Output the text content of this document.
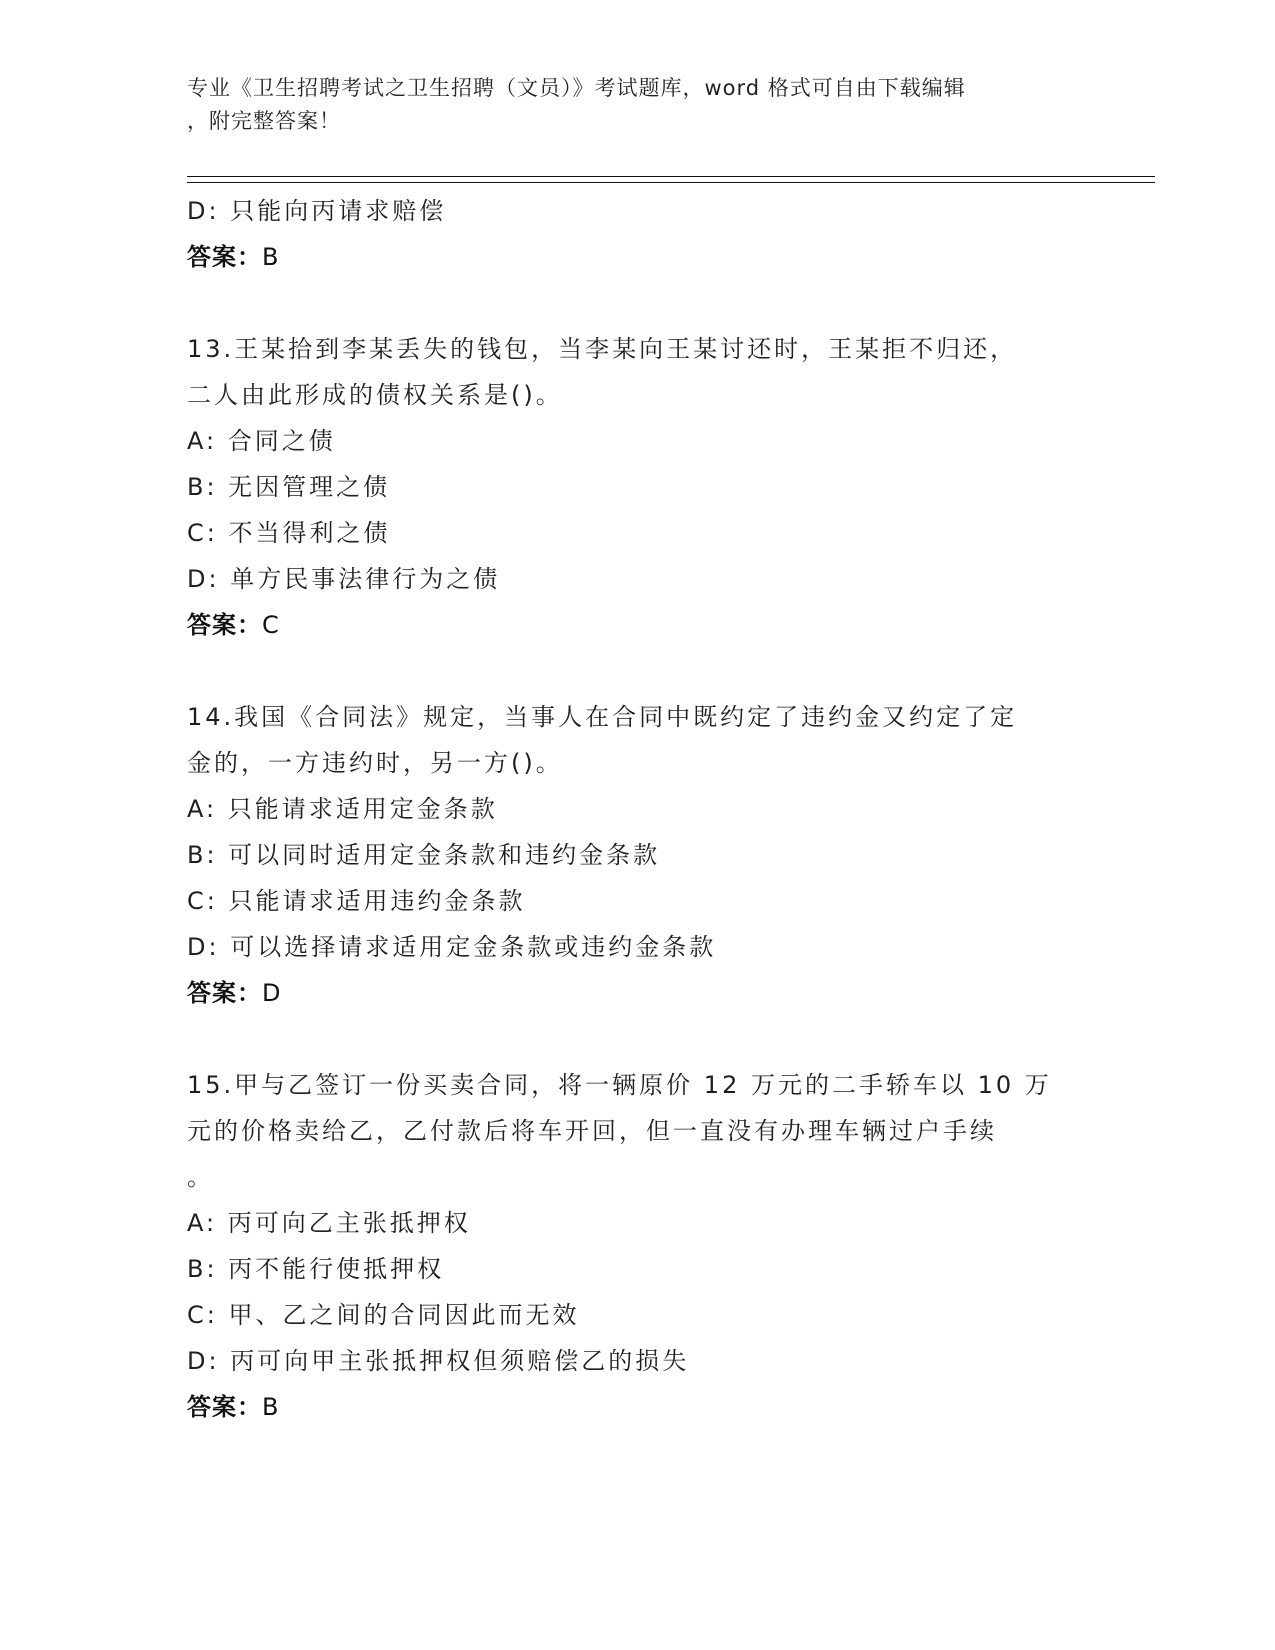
专业《卫生招聘考试之卫生招聘（文员）》考试题库，word 格式可自由下载编辑
，附完整答案！
D: 只能向丙请求赔偿
答案：B
13.王某拾到李某丢失的钱包，当李某向王某讨还时，王某拒不归还，
二人由此形成的债权关系是()。
A: 合同之债
B: 无因管理之债
C: 不当得利之债
D: 单方民事法律行为之债
答案：C
14.我国《合同法》规定，当事人在合同中既约定了违约金又约定了定
金的，一方违约时，另一方()。
A: 只能请求适用定金条款
B: 可以同时适用定金条款和违约金条款
C: 只能请求适用违约金条款
D: 可以选择请求适用定金条款或违约金条款
答案：D
15.甲与乙签订一份买卖合同，将一辆原价 12 万元的二手轿车以 10 万
元的价格卖给乙，乙付款后将车开回，但一直没有办理车辆过户手续
。
A: 丙可向乙主张抵押权
B: 丙不能行使抵押权
C: 甲、乙之间的合同因此而无效
D: 丙可向甲主张抵押权但须赔偿乙的损失
答案：B
